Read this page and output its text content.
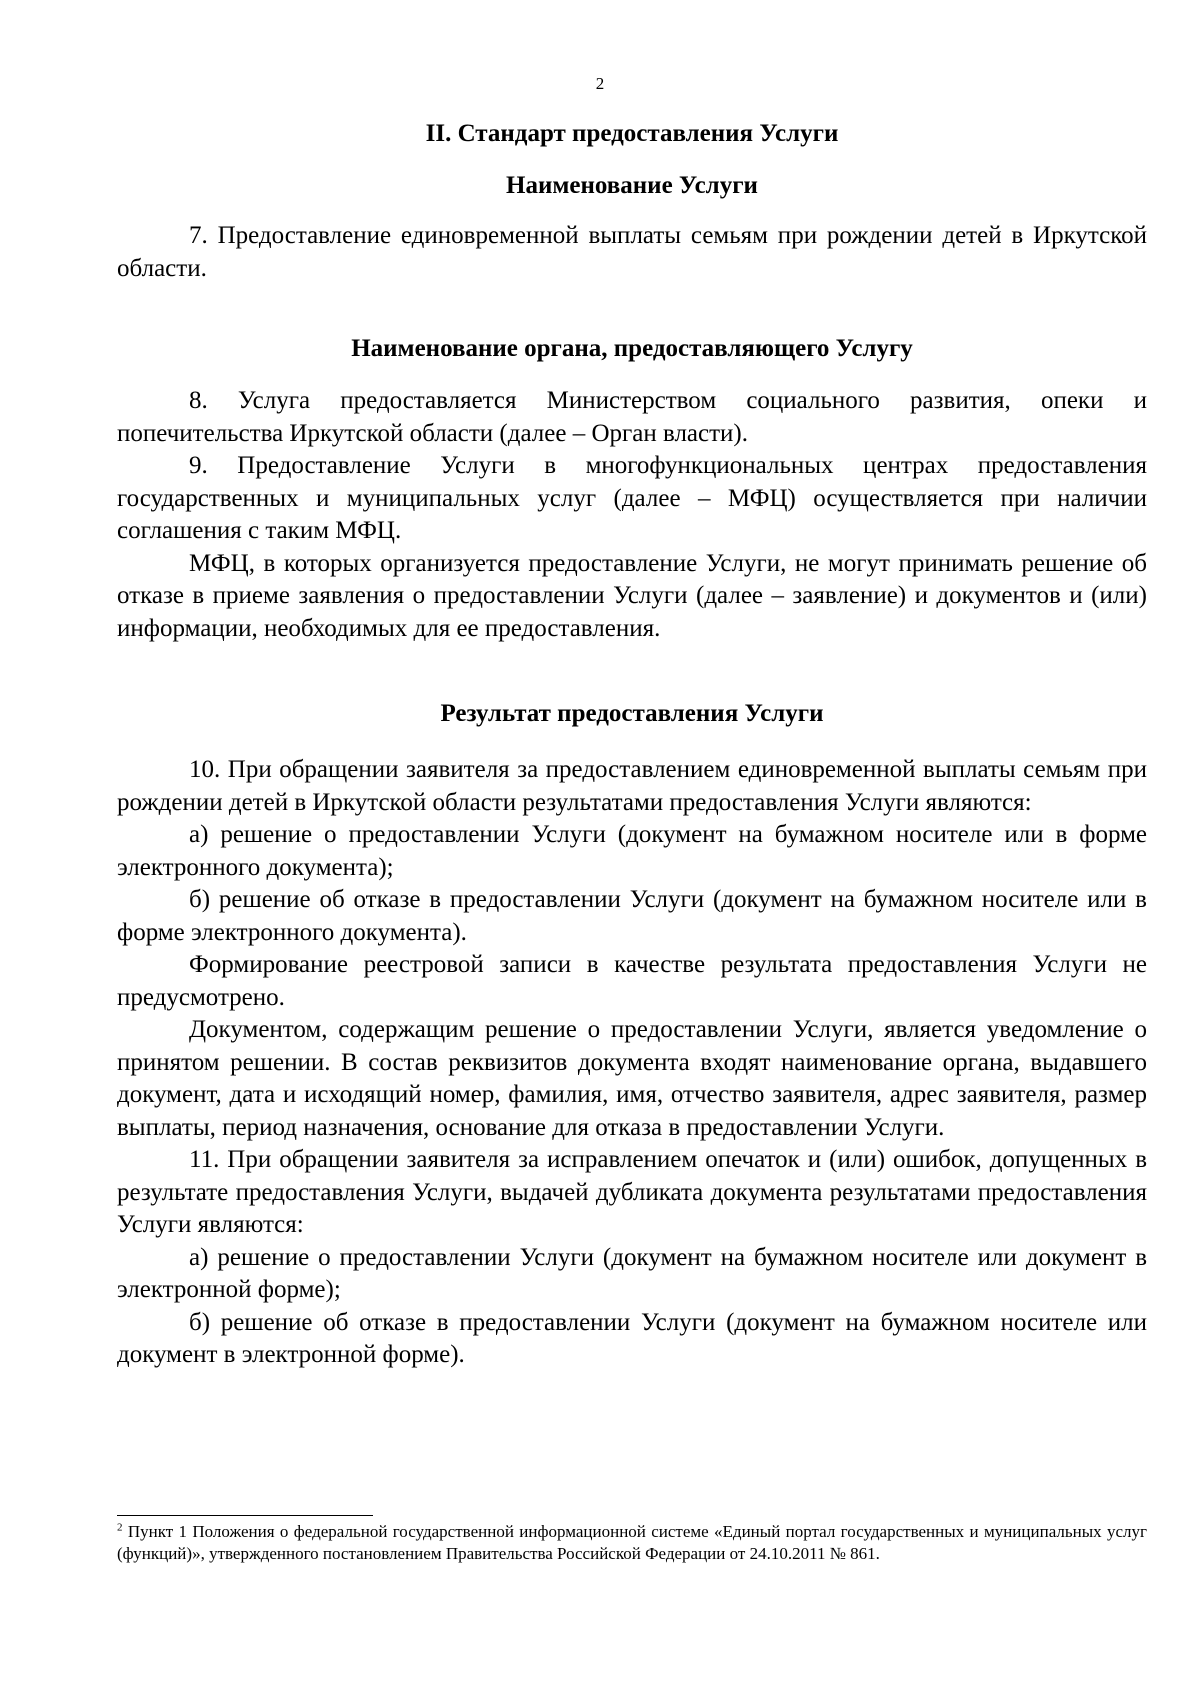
2
II. Стандарт предоставления Услуги
Наименование Услуги

7. Предоставление единовременной выплаты семьям при рождении детей в Иркутской области.

Наименование органа, предоставляющего Услугу

8. Услуга предоставляется Министерством социального развития, опеки и попечительства Иркутской области (далее – Орган власти).

9. Предоставление Услуги в многофункциональных центрах предоставления государственных и муниципальных услуг (далее – МФЦ) осуществляется при наличии соглашения с таким МФЦ.

МФЦ, в которых организуется предоставление Услуги, не могут принимать решение об отказе в приеме заявления о предоставлении Услуги (далее – заявление) и документов и (или) информации, необходимых для ее предоставления.

Результат предоставления Услуги

10. При обращении заявителя за предоставлением единовременной выплаты семьям при рождении детей в Иркутской области результатами предоставления Услуги являются:

а) решение о предоставлении Услуги (документ на бумажном носителе или в форме электронного документа);

б) решение об отказе в предоставлении Услуги (документ на бумажном носителе или в форме электронного документа).

Формирование реестровой записи в качестве результата предоставления Услуги не предусмотрено.

Документом, содержащим решение о предоставлении Услуги, является уведомление о принятом решении. В состав реквизитов документа входят наименование органа, выдавшего документ, дата и исходящий номер, фамилия, имя, отчество заявителя, адрес заявителя, размер выплаты, период назначения, основание для отказа в предоставлении Услуги.

11. При обращении заявителя за исправлением опечаток и (или) ошибок, допущенных в результате предоставления Услуги, выдачей дубликата документа результатами предоставления Услуги являются:

а) решение о предоставлении Услуги (документ на бумажном носителе или документ в электронной форме);

б) решение об отказе в предоставлении Услуги (документ на бумажном носителе или документ в электронной форме).

$^2$ Пункт 1 Положения о федеральной государственной информационной системе «Единый портал государственных и муниципальных услуг (функций)», утвержденного постановлением Правительства Российской Федерации от 24.10.2011 № 861.
